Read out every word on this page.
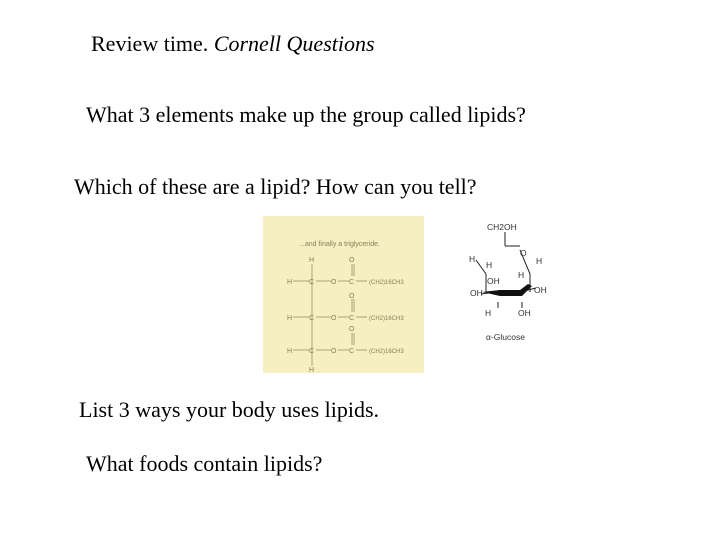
Review time. Cornell Questions
What 3 elements make up the group called lipids?
Which of these are a lipid? How can you tell?
...and finally a triglyceride.
H	O
H C O C (CH2)16CH3
O
H C O C (CH2)16CH3
O
H C O C (CH2)16CH3
H
CH2OH
H
O
H
H
OH
H
OH
OH
H	OH
α-Glucose
List 3 ways your body uses lipids.
What foods contain lipids?
